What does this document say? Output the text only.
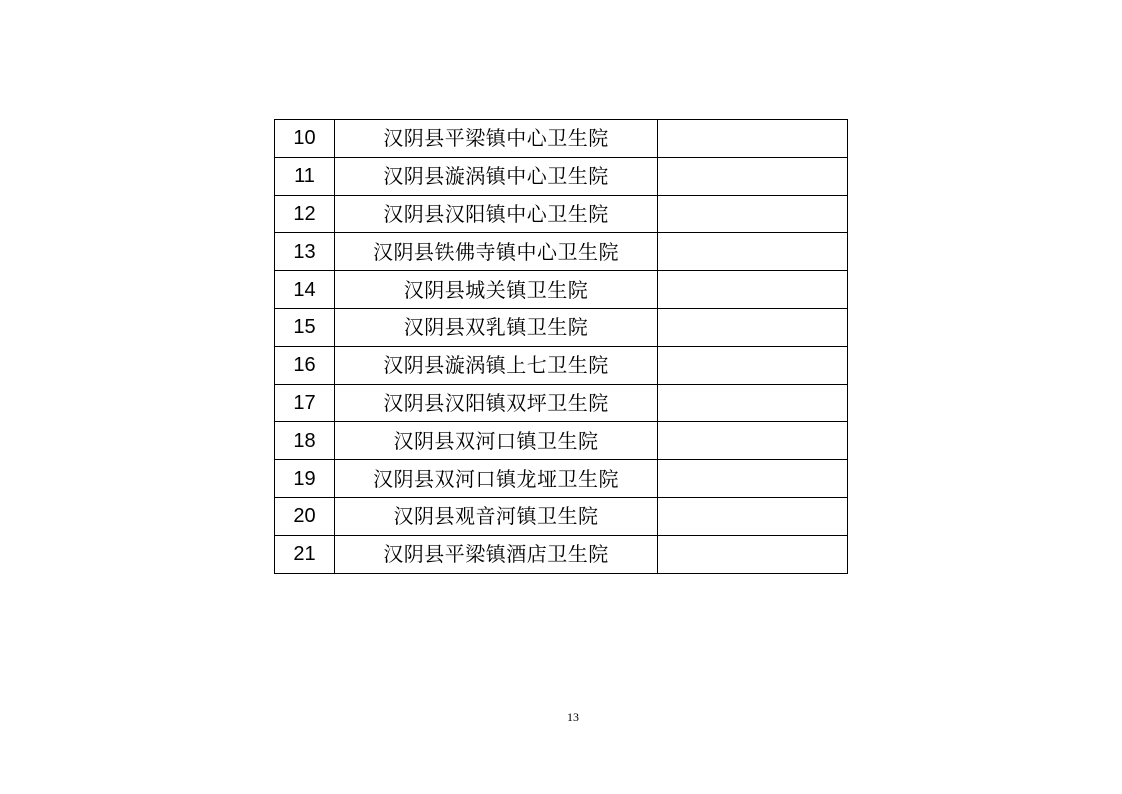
10	汉阴县平梁镇中心卫生院	
11	汉阴县漩涡镇中心卫生院	
12	汉阴县汉阳镇中心卫生院	
13	汉阴县铁佛寺镇中心卫生院	
14	汉阴县城关镇卫生院	
15	汉阴县双乳镇卫生院	
16	汉阴县漩涡镇上七卫生院	
17	汉阴县汉阳镇双坪卫生院	
18	汉阴县双河口镇卫生院	
19	汉阴县双河口镇龙垭卫生院	
20	汉阴县观音河镇卫生院	
21	汉阴县平梁镇酒店卫生院	
13
